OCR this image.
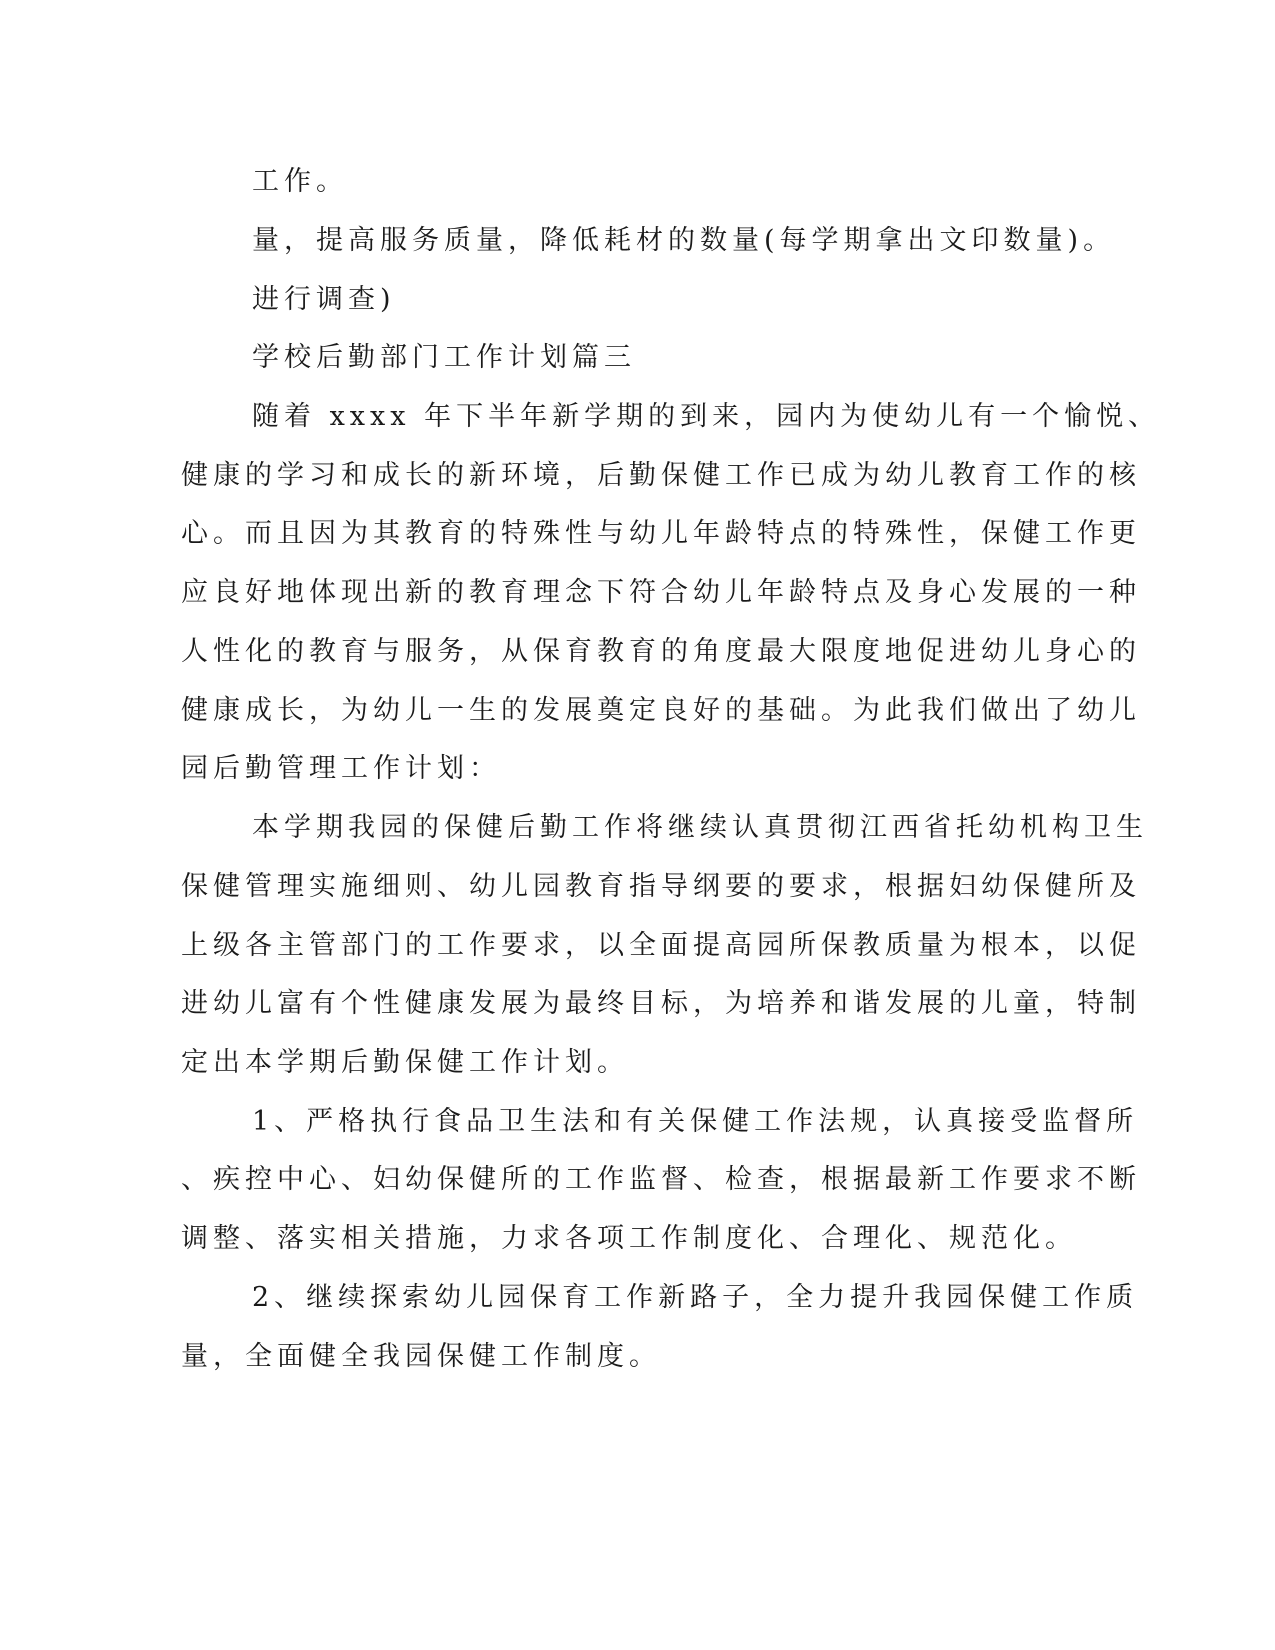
工作。
量，提高服务质量，降低耗材的数量(每学期拿出文印数量)。
进行调查)
学校后勤部门工作计划篇三
随着 xxxx 年下半年新学期的到来，园内为使幼儿有一个愉悦、
健康的学习和成长的新环境，后勤保健工作已成为幼儿教育工作的核
心。而且因为其教育的特殊性与幼儿年龄特点的特殊性，保健工作更
应良好地体现出新的教育理念下符合幼儿年龄特点及身心发展的一种
人性化的教育与服务，从保育教育的角度最大限度地促进幼儿身心的
健康成长，为幼儿一生的发展奠定良好的基础。为此我们做出了幼儿
园后勤管理工作计划：
本学期我园的保健后勤工作将继续认真贯彻江西省托幼机构卫生
保健管理实施细则、幼儿园教育指导纲要的要求，根据妇幼保健所及
上级各主管部门的工作要求，以全面提高园所保教质量为根本，以促
进幼儿富有个性健康发展为最终目标，为培养和谐发展的儿童，特制
定出本学期后勤保健工作计划。
1、严格执行食品卫生法和有关保健工作法规，认真接受监督所
、疾控中心、妇幼保健所的工作监督、检查，根据最新工作要求不断
调整、落实相关措施，力求各项工作制度化、合理化、规范化。
2、继续探索幼儿园保育工作新路子，全力提升我园保健工作质
量，全面健全我园保健工作制度。
